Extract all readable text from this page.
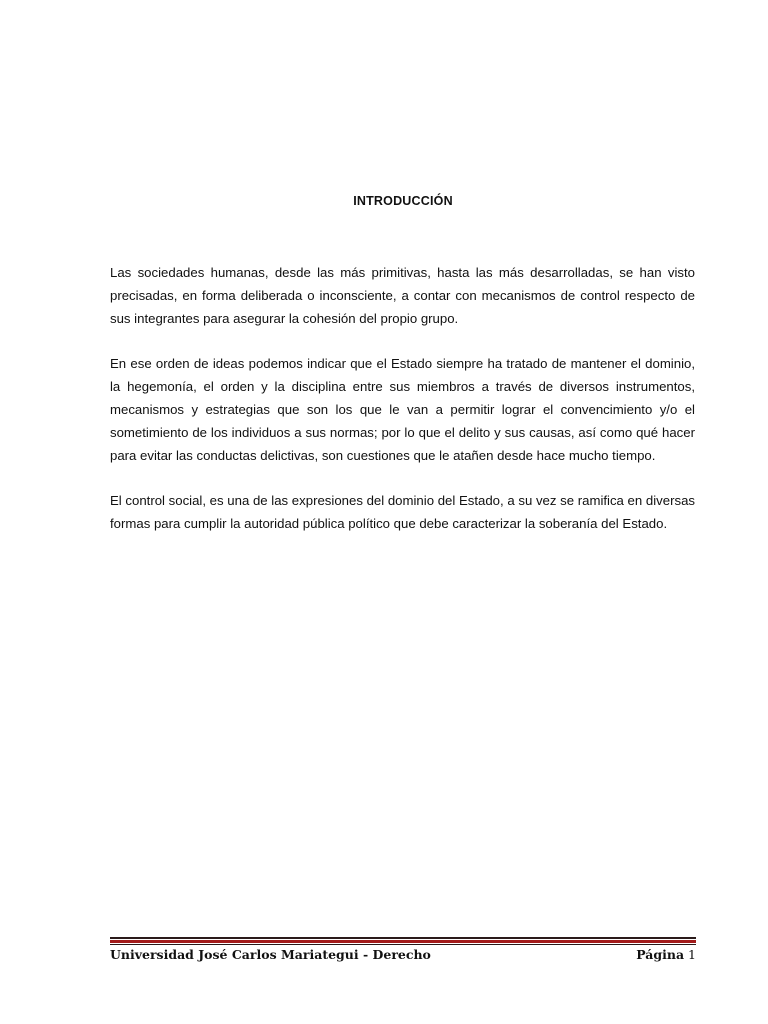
INTRODUCCIÓN

Las sociedades humanas, desde las más primitivas, hasta las más desarrolladas, se han visto precisadas, en forma deliberada o inconsciente, a contar con mecanismos de control respecto de sus integrantes para asegurar la cohesión del propio grupo.

En ese orden de ideas podemos indicar que el Estado siempre ha tratado de mantener el dominio, la hegemonía, el orden y la disciplina entre sus miembros a través de diversos instrumentos, mecanismos y estrategias que son los que le van a permitir lograr el convencimiento y/o el sometimiento de los individuos a sus normas; por lo que el delito y sus causas, así como qué hacer para evitar las conductas delictivas, son cuestiones que le atañen desde hace mucho tiempo.

El control social, es una de las expresiones del dominio del Estado, a su vez se ramifica en diversas formas para cumplir la autoridad pública político que debe caracterizar la soberanía del Estado.

Universidad José Carlos Mariategui - Derecho	Página 1
